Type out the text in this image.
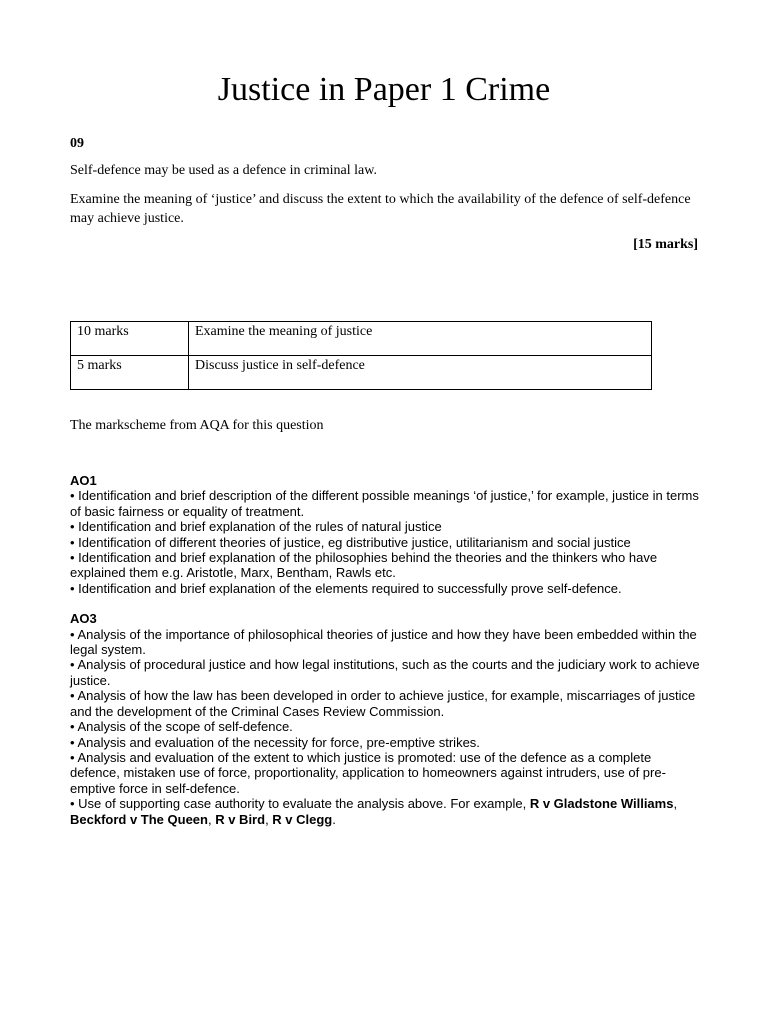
Justice in Paper 1 Crime
09
Self-defence may be used as a defence in criminal law.
Examine the meaning of ‘justice’ and discuss the extent to which the availability of the defence of self-defence may achieve justice.
[15 marks]
10 marks	Examine the meaning of justice
5 marks	Discuss justice in self-defence
The markscheme from AQA for this question
AO1
• Identification and brief description of the different possible meanings ‘of justice,’ for example, justice in terms of basic fairness or equality of treatment.
• Identification and brief explanation of the rules of natural justice
• Identification of different theories of justice, eg distributive justice, utilitarianism and social justice
• Identification and brief explanation of the philosophies behind the theories and the thinkers who have explained them e.g. Aristotle, Marx, Bentham, Rawls etc.
• Identification and brief explanation of the elements required to successfully prove self-defence.
AO3
• Analysis of the importance of philosophical theories of justice and how they have been embedded within the legal system.
• Analysis of procedural justice and how legal institutions, such as the courts and the judiciary work to achieve justice.
• Analysis of how the law has been developed in order to achieve justice, for example, miscarriages of justice and the development of the Criminal Cases Review Commission.
• Analysis of the scope of self-defence.
• Analysis and evaluation of the necessity for force, pre-emptive strikes.
• Analysis and evaluation of the extent to which justice is promoted: use of the defence as a complete defence, mistaken use of force, proportionality, application to homeowners against intruders, use of pre-emptive force in self-defence.
• Use of supporting case authority to evaluate the analysis above. For example, R v Gladstone Williams, Beckford v The Queen, R v Bird, R v Clegg.
